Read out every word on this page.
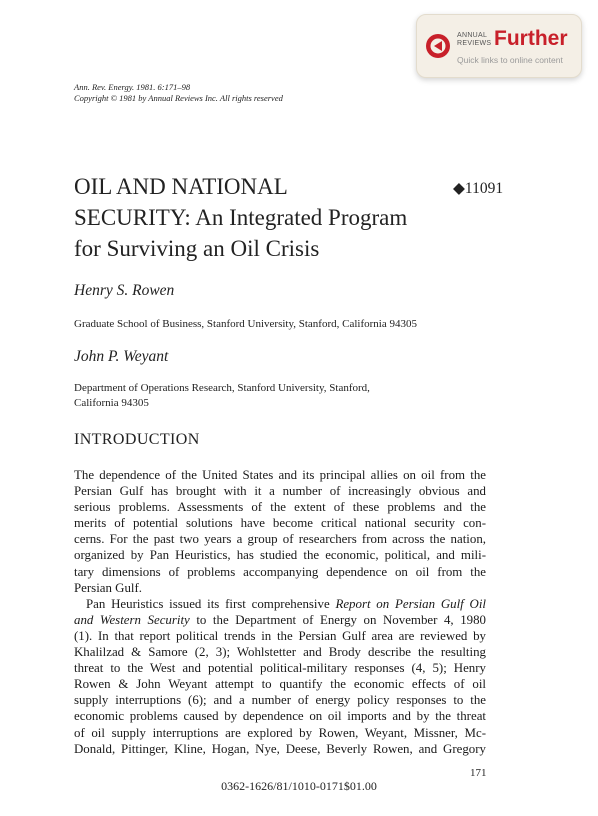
ANNUAL
REVIEWS Further
Quick links to online content
Ann. Rev. Energy. 1981. 6:171–98
Copyright © 1981 by Annual Reviews Inc. All rights reserved
OIL AND NATIONAL
SECURITY: An Integrated Program
for Surviving an Oil Crisis
◆11091
Henry S. Rowen
Graduate School of Business, Stanford University, Stanford, California 94305
John P. Weyant
Department of Operations Research, Stanford University, Stanford,
California 94305
INTRODUCTION
The dependence of the United States and its principal allies on oil from the
Persian Gulf has brought with it a number of increasingly obvious and
serious problems. Assessments of the extent of these problems and the
merits of potential solutions have become critical national security con-
cerns. For the past two years a group of researchers from across the nation,
organized by Pan Heuristics, has studied the economic, political, and mili-
tary dimensions of problems accompanying dependence on oil from the
Persian Gulf.
Pan Heuristics issued its first comprehensive Report on Persian Gulf Oil
and Western Security to the Department of Energy on November 4, 1980
(1). In that report political trends in the Persian Gulf area are reviewed by
Khalilzad & Samore (2, 3); Wohlstetter and Brody describe the resulting
threat to the West and potential political-military responses (4, 5); Henry
Rowen & John Weyant attempt to quantify the economic effects of oil
supply interruptions (6); and a number of energy policy responses to the
economic problems caused by dependence on oil imports and by the threat
of oil supply interruptions are explored by Rowen, Weyant, Missner, Mc-
Donald, Pittinger, Kline, Hogan, Nye, Deese, Beverly Rowen, and Gregory
171
0362-1626/81/1010-0171$01.00
